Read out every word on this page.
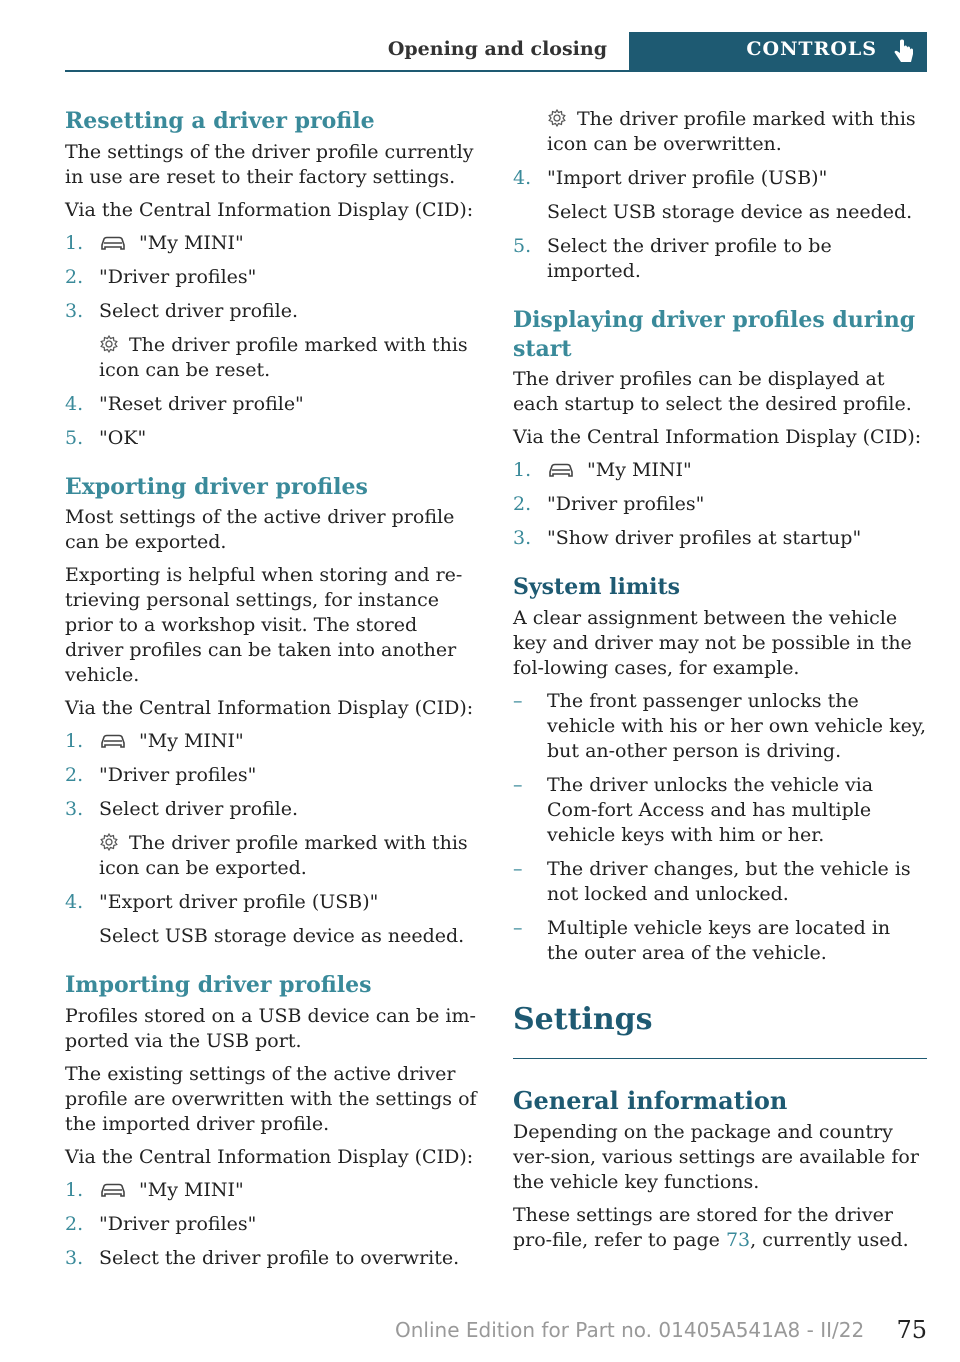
Opening and closing	CONTROLS
Resetting a driver profile

The settings of the driver profile currently in use are reset to their factory settings.

Via the Central Information Display (CID):

1.	"My MINI"
2. "Driver profiles"
3. Select driver profile.
The driver profile marked with this icon can be reset.
4. "Reset driver profile"
5. "OK"
Exporting driver profiles

Most settings of the active driver profile can be exported.

Exporting is helpful when storing and re‐trieving personal settings, for instance prior to a workshop visit. The stored driver profiles can be taken into another vehicle.

Via the Central Information Display (CID):

1.	"My MINI"
2. "Driver profiles"
3. Select driver profile.
The driver profile marked with this icon can be exported.
4. "Export driver profile (USB)"
Select USB storage device as needed.
Importing driver profiles

Profiles stored on a USB device can be im‐ported via the USB port.

The existing settings of the active driver profile are overwritten with the settings of the imported driver profile.

Via the Central Information Display (CID):

1.	"My MINI"
2. "Driver profiles"
3. Select the driver profile to overwrite.
The driver profile marked with this icon can be overwritten.
4. "Import driver profile (USB)"
Select USB storage device as needed.
5. Select the driver profile to be imported.
Displaying driver profiles during start

The driver profiles can be displayed at each startup to select the desired profile.

Via the Central Information Display (CID):

1.	"My MINI"
2. "Driver profiles"
3. "Show driver profiles at startup"
System limits

A clear assignment between the vehicle key and driver may not be possible in the fol‐lowing cases, for example.

– The front passenger unlocks the vehicle with his or her own vehicle key, but an‐other person is driving.
– The driver unlocks the vehicle via Com‐fort Access and has multiple vehicle keys with him or her.
– The driver changes, but the vehicle is not locked and unlocked.
– Multiple vehicle keys are located in the outer area of the vehicle.
Settings
General information

Depending on the package and country ver‐sion, various settings are available for the vehicle key functions.

These settings are stored for the driver pro‐file, refer to page 73, currently used.

Online Edition for Part no. 01405A541A8 - II/22 75
